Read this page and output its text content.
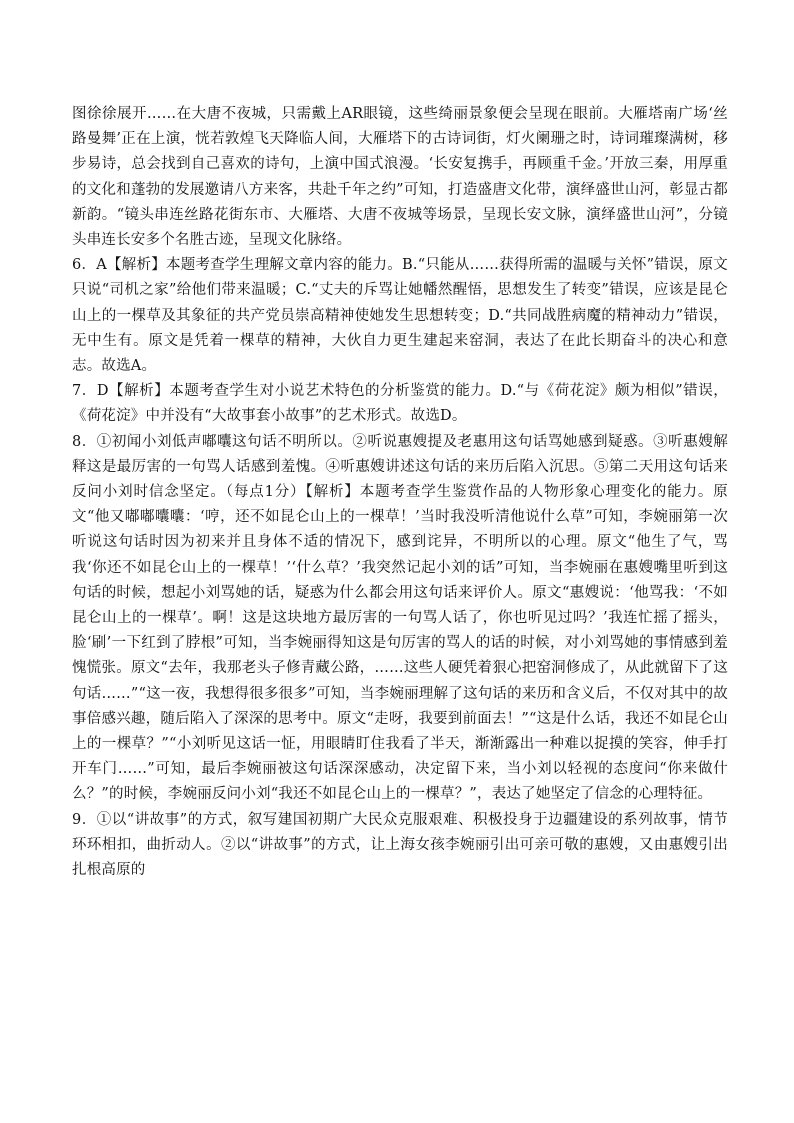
图徐徐展开……在大唐不夜城，只需戴上AR眼镜，这些绮丽景象便会呈现在眼前。大雁塔南广场‘丝路曼舞’正在上演，恍若敦煌飞天降临人间，大雁塔下的古诗词街，灯火阑珊之时，诗词璀璨满树，移步易诗，总会找到自己喜欢的诗句，上演中国式浪漫。‘长安复携手，再顾重千金。’开放三秦，用厚重的文化和蓬勃的发展邀请八方来客，共赴千年之约”可知，打造盛唐文化带，演绎盛世山河，彰显古都新韵。“镜头串连丝路花街东市、大雁塔、大唐不夜城等场景，呈现长安文脉，演绎盛世山河”，分镜头串连长安多个名胜古迹，呈现文化脉络。

6．A【解析】本题考查学生理解文章内容的能力。B.“只能从……获得所需的温暖与关怀”错误，原文只说“司机之家”给他们带来温暖；C.“丈夫的斥骂让她幡然醒悟，思想发生了转变”错误，应该是昆仑山上的一棵草及其象征的共产党员崇高精神使她发生思想转变；D.“共同战胜病魔的精神动力”错误，无中生有。原文是凭着一棵草的精神，大伙自力更生建起来窑洞，表达了在此长期奋斗的决心和意志。故选A。

7．D【解析】本题考查学生对小说艺术特色的分析鉴赏的能力。D.“与《荷花淀》颇为相似”错误，《荷花淀》中并没有“大故事套小故事”的艺术形式。故选D。

8．①初闻小刘低声嘟囔这句话不明所以。②听说惠嫂提及老惠用这句话骂她感到疑惑。③听惠嫂解释这是最厉害的一句骂人话感到羞愧。④听惠嫂讲述这句话的来历后陷入沉思。⑤第二天用这句话来反问小刘时信念坚定。（每点1分）【解析】本题考查学生鉴赏作品的人物形象心理变化的能力。原文“他又嘟嘟囔囔：‘哼，还不如昆仑山上的一棵草！’当时我没听清他说什么草”可知，李婉丽第一次听说这句话时因为初来并且身体不适的情况下，感到诧异，不明所以的心理。原文“他生了气，骂我‘你还不如昆仑山上的一棵草！’‘什么草？’我突然记起小刘的话”可知，当李婉丽在惠嫂嘴里听到这句话的时候，想起小刘骂她的话，疑惑为什么都会用这句话来评价人。原文“惠嫂说：‘他骂我：‘不如昆仑山上的一棵草’。啊！这是这块地方最厉害的一句骂人话了，你也听见过吗？’我连忙摇了摇头，脸‘刷’一下红到了脖根”可知，当李婉丽得知这是句厉害的骂人的话的时候，对小刘骂她的事情感到羞愧慌张。原文“去年，我那老头子修青藏公路，……这些人硬凭着狠心把窑洞修成了，从此就留下了这句话……”“这一夜，我想得很多很多”可知，当李婉丽理解了这句话的来历和含义后，不仅对其中的故事倍感兴趣，随后陷入了深深的思考中。原文“走呀，我要到前面去！”“这是什么话，我还不如昆仑山上的一棵草？”“小刘听见这话一怔，用眼睛盯住我看了半天，渐渐露出一种难以捉摸的笑容，伸手打开车门……”可知，最后李婉丽被这句话深深感动，决定留下来，当小刘以轻视的态度问“你来做什么？”的时候，李婉丽反问小刘“我还不如昆仑山上的一棵草？”，表达了她坚定了信念的心理特征。

9．①以“讲故事”的方式，叙写建国初期广大民众克服艰难、积极投身于边疆建设的系列故事，情节环环相扣，曲折动人。②以“讲故事”的方式，让上海女孩李婉丽引出可亲可敬的惠嫂，又由惠嫂引出扎根高原的
